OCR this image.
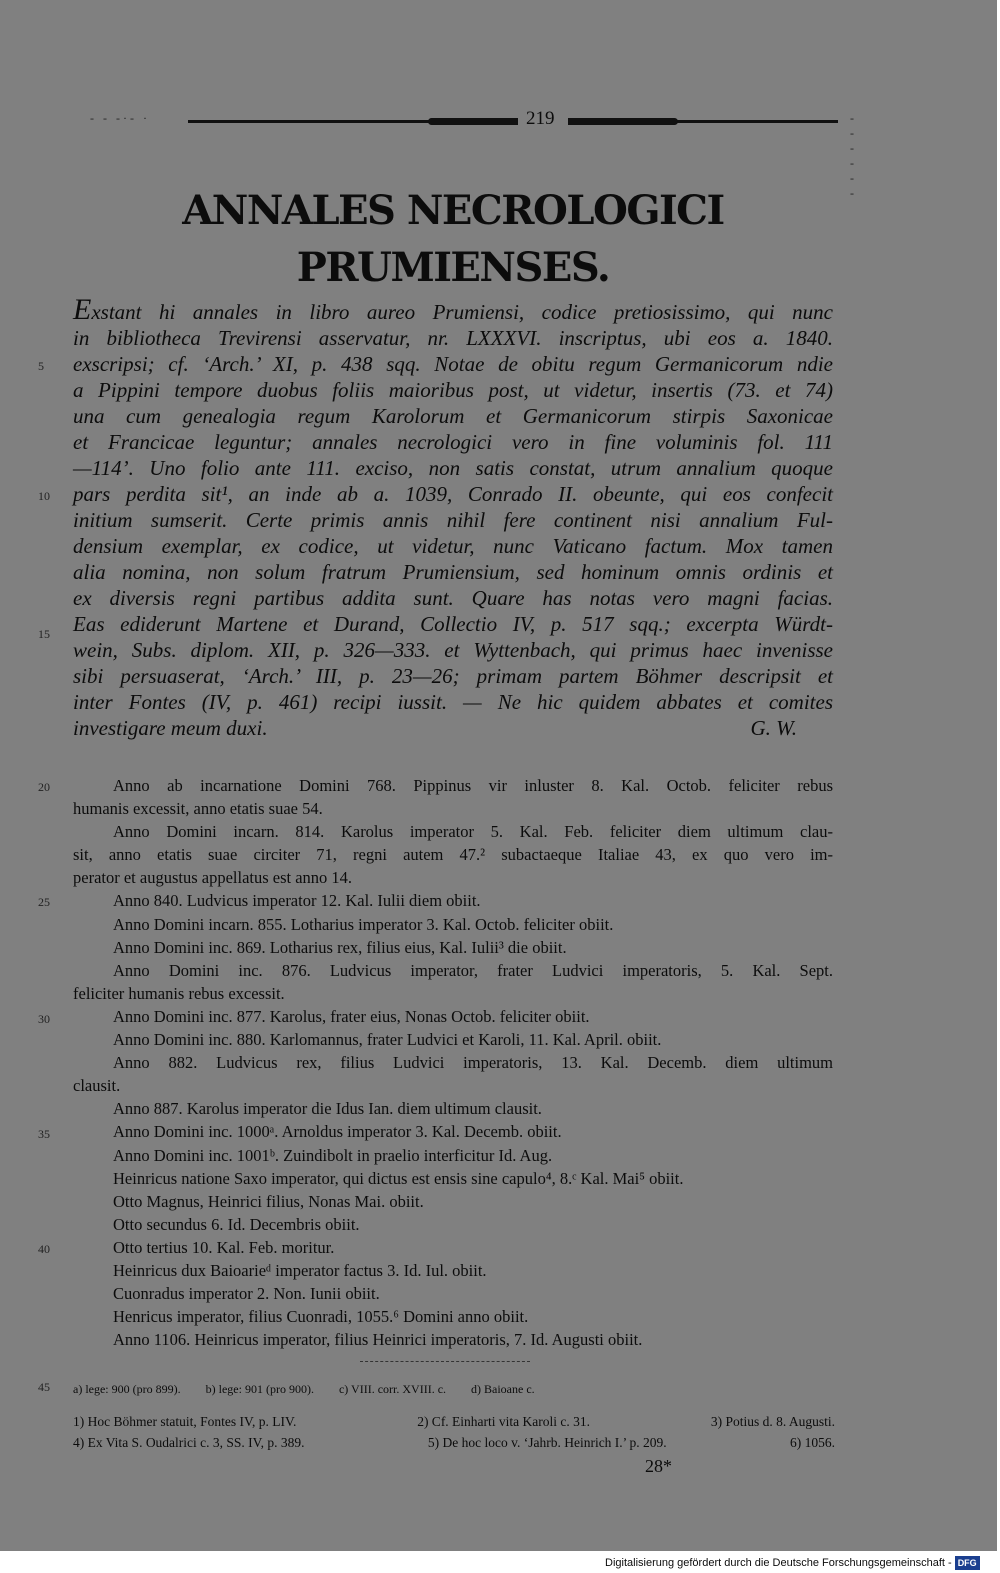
- - -·- ·	219	- - - - - -
ANNALES NECROLOGICI
PRUMIENSES.
Exstant hi annales in libro aureo Prumiensi, codice pretiosissimo, qui nunc
in bibliotheca Trevirensi asservatur, nr. LXXXVI. inscriptus, ubi eos a. 1840.
exscripsi; cf. ‘Arch.’ XI, p. 438 sqq. Notae de obitu regum Germanicorum ndie
a Pippini tempore duobus foliis maioribus post, ut videtur, insertis (73. et 74)
una cum genealogia regum Karolorum et Germanicorum stirpis Saxonicae
et Francicae leguntur; annales necrologici vero in fine voluminis fol. 111
—114’. Uno folio ante 111. exciso, non satis constat, utrum annalium quoque
pars perdita sit¹, an inde ab a. 1039, Conrado II. obeunte, qui eos confecit
initium sumserit. Certe primis annis nihil fere continent nisi annalium Ful-
densium exemplar, ex codice, ut videtur, nunc Vaticano factum. Mox tamen
alia nomina, non solum fratrum Prumiensium, sed hominum omnis ordinis et
ex diversis regni partibus addita sunt. Quare has notas vero magni facias.
Eas ediderunt Martene et Durand, Collectio IV, p. 517 sqq.; excerpta Würdt-
wein, Subs. diplom. XII, p. 326—333. et Wyttenbach, qui primus haec invenisse
sibi persuaserat, ‘Arch.’ III, p. 23—26; primam partem Böhmer descripsit et
inter Fontes (IV, p. 461) recipi iussit. — Ne hic quidem abbates et comites
investigare meum duxi.	G. W.
5
10
15
20
25
30
35
40
45
Anno ab incarnatione Domini 768. Pippinus vir inluster 8. Kal. Octob. feliciter rebus
humanis excessit, anno etatis suae 54.
Anno Domini incarn. 814. Karolus imperator 5. Kal. Feb. feliciter diem ultimum clau-
sit, anno etatis suae circiter 71, regni autem 47.² subactaeque Italiae 43, ex quo vero im-
perator et augustus appellatus est anno 14.
Anno 840. Ludvicus imperator 12. Kal. Iulii diem obiit.
Anno Domini incarn. 855. Lotharius imperator 3. Kal. Octob. feliciter obiit.
Anno Domini inc. 869. Lotharius rex, filius eius, Kal. Iulii³ die obiit.
Anno Domini inc. 876. Ludvicus imperator, frater Ludvici imperatoris, 5. Kal. Sept.
feliciter humanis rebus excessit.
Anno Domini inc. 877. Karolus, frater eius, Nonas Octob. feliciter obiit.
Anno Domini inc. 880. Karlomannus, frater Ludvici et Karoli, 11. Kal. April. obiit.
Anno 882. Ludvicus rex, filius Ludvici imperatoris, 13. Kal. Decemb. diem ultimum
clausit.
Anno 887. Karolus imperator die Idus Ian. diem ultimum clausit.
Anno Domini inc. 1000ᵃ. Arnoldus imperator 3. Kal. Decemb. obiit.
Anno Domini inc. 1001ᵇ. Zuindibolt in praelio interficitur Id. Aug.
Heinricus natione Saxo imperator, qui dictus est ensis sine capulo⁴, 8.ᶜ Kal. Mai⁵ obiit.
Otto Magnus, Heinrici filius, Nonas Mai. obiit.
Otto secundus 6. Id. Decembris obiit.
Otto tertius 10. Kal. Feb. moritur.
Heinricus dux Baioarieᵈ imperator factus 3. Id. Iul. obiit.
Cuonradus imperator 2. Non. Iunii obiit.
Henricus imperator, filius Cuonradi, 1055.⁶ Domini anno obiit.
Anno 1106. Heinricus imperator, filius Heinrici imperatoris, 7. Id. Augusti obiit.
a) lege: 900 (pro 899). b) lege: 901 (pro 900). c) VIII. corr. XVIII. c. d) Baioane c.
1) Hoc Böhmer statuit, Fontes IV, p. LIV.	2) Cf. Einharti vita Karoli c. 31.	3) Potius d. 8. Augusti.
4) Ex Vita S. Oudalrici c. 3, SS. IV, p. 389.	5) De hoc loco v. ‘Jahrb. Heinrich I.’ p. 209.	6) 1056.
28*
Digitalisierung gefördert durch die Deutsche Forschungsgemeinschaft - DFG
